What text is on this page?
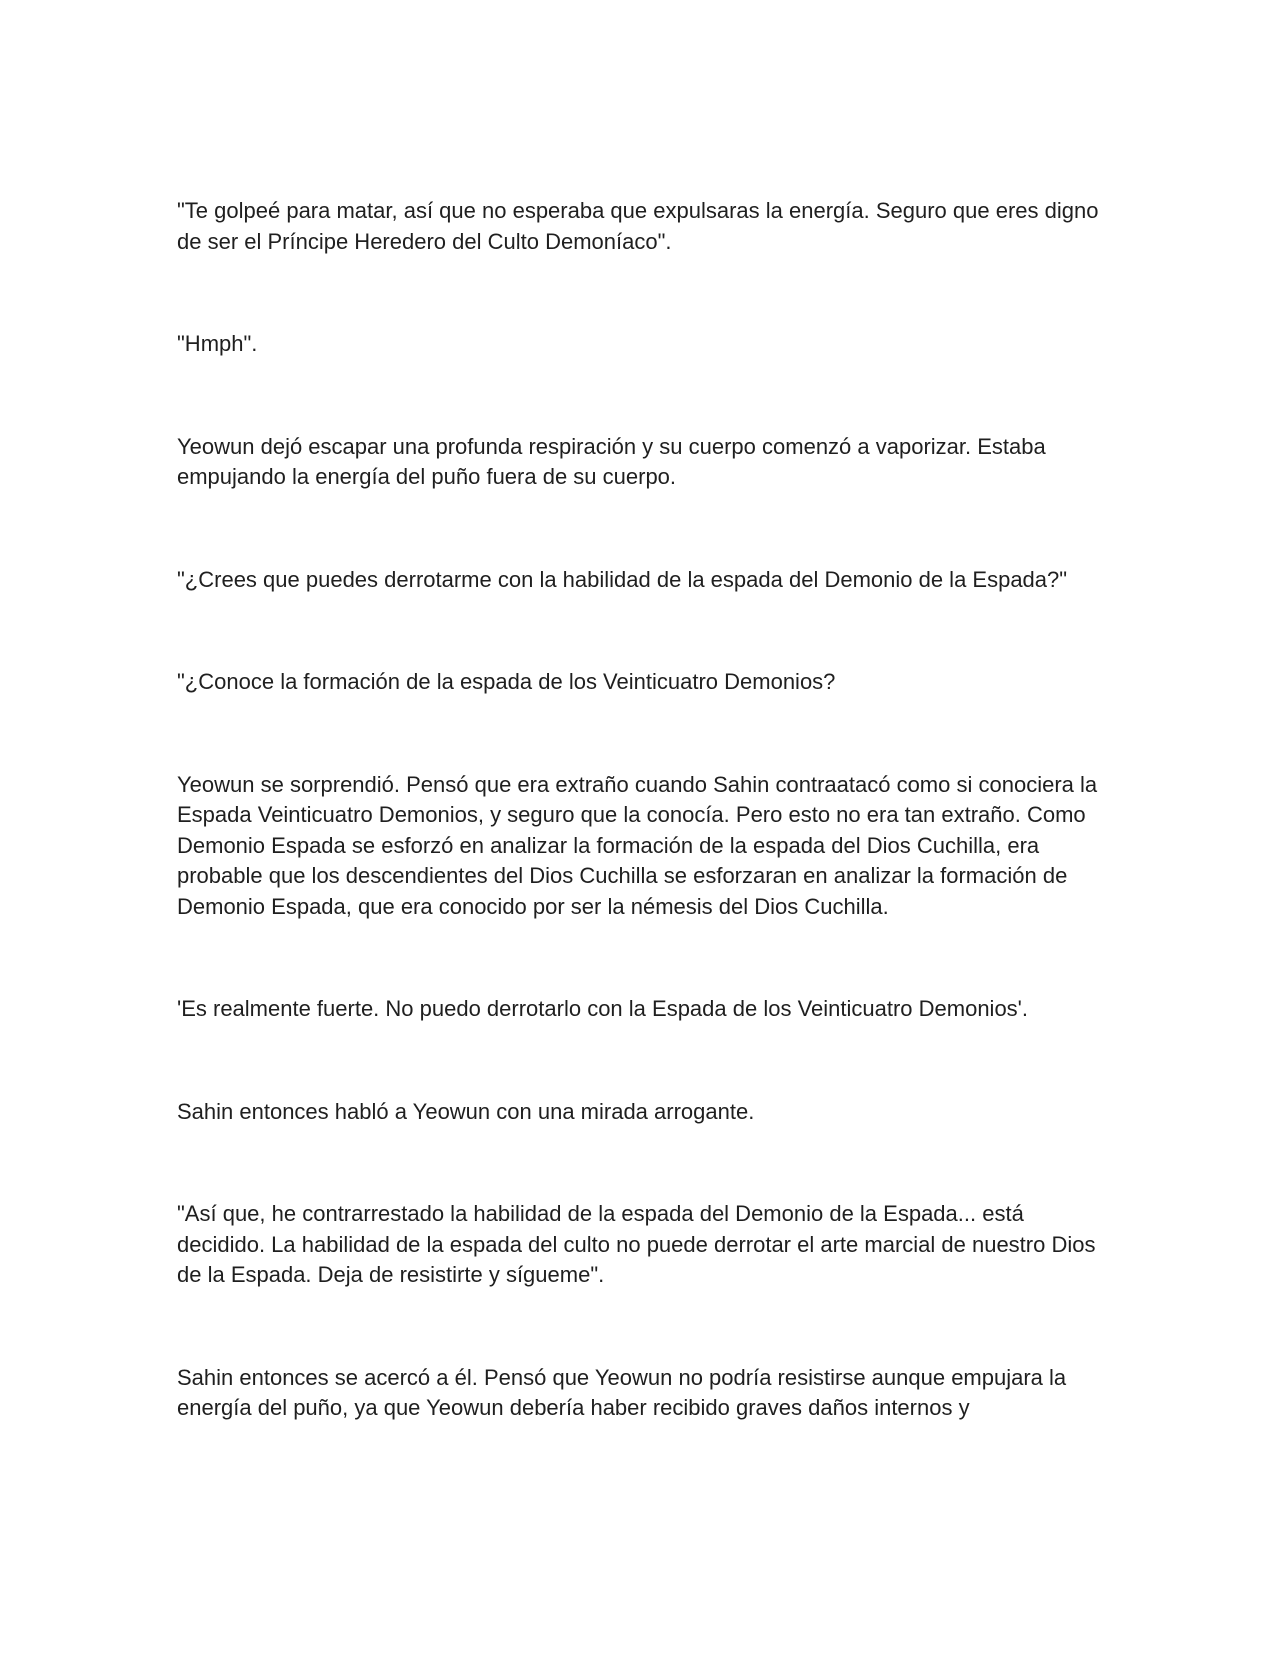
"Te golpeé para matar, así que no esperaba que expulsaras la energía. Seguro que eres digno de ser el Príncipe Heredero del Culto Demoníaco".

"Hmph".

Yeowun dejó escapar una profunda respiración y su cuerpo comenzó a vaporizar. Estaba empujando la energía del puño fuera de su cuerpo.

"¿Crees que puedes derrotarme con la habilidad de la espada del Demonio de la Espada?"

"¿Conoce la formación de la espada de los Veinticuatro Demonios?

Yeowun se sorprendió. Pensó que era extraño cuando Sahin contraatacó como si conociera la Espada Veinticuatro Demonios, y seguro que la conocía. Pero esto no era tan extraño. Como Demonio Espada se esforzó en analizar la formación de la espada del Dios Cuchilla, era probable que los descendientes del Dios Cuchilla se esforzaran en analizar la formación de Demonio Espada, que era conocido por ser la némesis del Dios Cuchilla.

'Es realmente fuerte. No puedo derrotarlo con la Espada de los Veinticuatro Demonios'.

Sahin entonces habló a Yeowun con una mirada arrogante.

"Así que, he contrarrestado la habilidad de la espada del Demonio de la Espada... está decidido. La habilidad de la espada del culto no puede derrotar el arte marcial de nuestro Dios de la Espada. Deja de resistirte y sígueme".

Sahin entonces se acercó a él. Pensó que Yeowun no podría resistirse aunque empujara la energía del puño, ya que Yeowun debería haber recibido graves daños internos y
